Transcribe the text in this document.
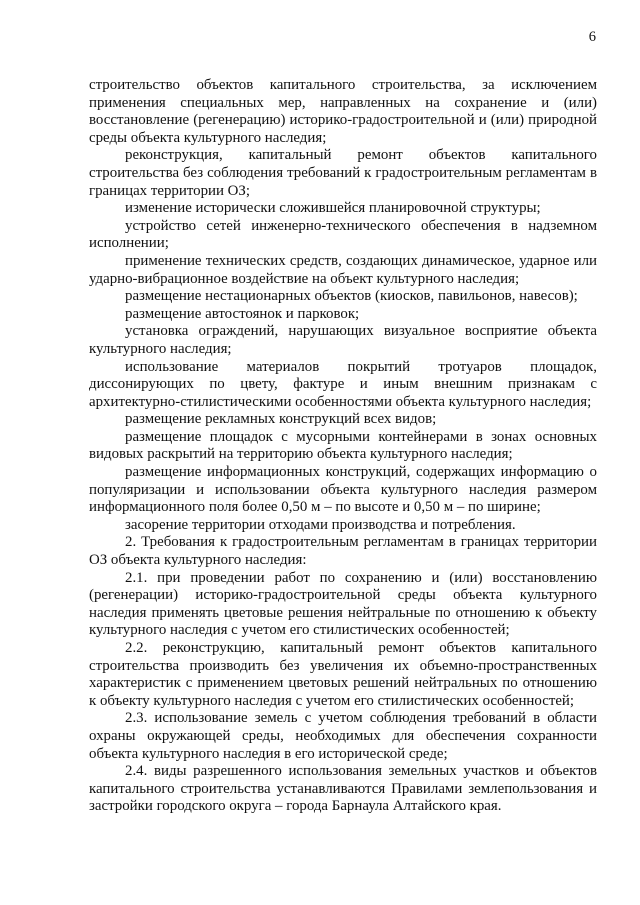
6

строительство объектов капитального строительства, за исключением применения специальных мер, направленных на сохранение и (или) восстановление (регенерацию) историко-градостроительной и (или) природной среды объекта культурного наследия;

реконструкция, капитальный ремонт объектов капитального строительства без соблюдения требований к градостроительным регламентам в границах территории ОЗ;

изменение исторически сложившейся планировочной структуры;

устройство сетей инженерно-технического обеспечения в надземном исполнении;

применение технических средств, создающих динамическое, ударное или ударно-вибрационное воздействие на объект культурного наследия;

размещение нестационарных объектов (киосков, павильонов, навесов);

размещение автостоянок и парковок;

установка ограждений, нарушающих визуальное восприятие объекта культурного наследия;

использование материалов покрытий тротуаров площадок, диссонирующих по цвету, фактуре и иным внешним признакам с архитектурно-стилистическими особенностями объекта культурного наследия;

размещение рекламных конструкций всех видов;

размещение площадок с мусорными контейнерами в зонах основных видовых раскрытий на территорию объекта культурного наследия;

размещение информационных конструкций, содержащих информацию о популяризации и использовании объекта культурного наследия размером информационного поля более 0,50 м – по высоте и 0,50 м – по ширине;

засорение территории отходами производства и потребления.

2. Требования к градостроительным регламентам в границах территории ОЗ объекта культурного наследия:

2.1. при проведении работ по сохранению и (или) восстановлению (регенерации) историко-градостроительной среды объекта культурного наследия применять цветовые решения нейтральные по отношению к объекту культурного наследия с учетом его стилистических особенностей;

2.2. реконструкцию, капитальный ремонт объектов капитального строительства производить без увеличения их объемно-пространственных характеристик с применением цветовых решений нейтральных по отношению к объекту культурного наследия с учетом его стилистических особенностей;

2.3. использование земель с учетом соблюдения требований в области охраны окружающей среды, необходимых для обеспечения сохранности объекта культурного наследия в его исторической среде;

2.4. виды разрешенного использования земельных участков и объектов капитального строительства устанавливаются Правилами землепользования и застройки городского округа – города Барнаула Алтайского края.
